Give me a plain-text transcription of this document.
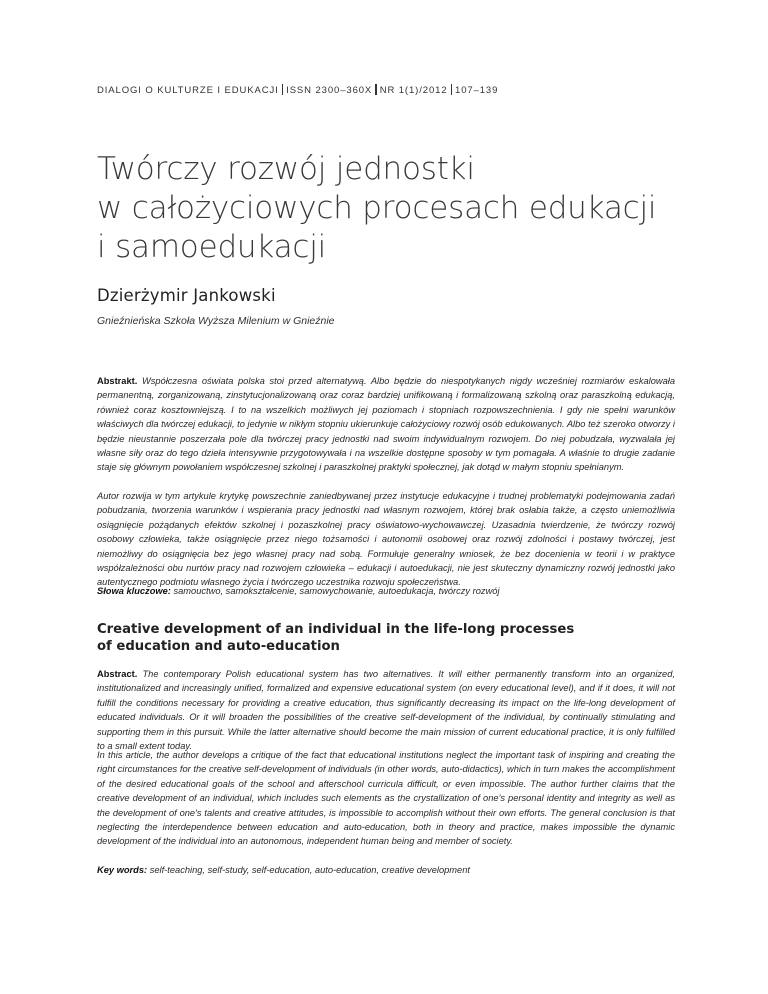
DIALOGI O KULTURZE I EDUKACJI ISSN 2300–360X NR 1(1)/2012 107–139
Twórczy rozwój jednostki
w całożyciowych procesach edukacji
i samoedukacji
Dzierżymir Jankowski
Gnieźnieńska Szkoła Wyższa Milenium w Gnieźnie
Abstrakt. Współczesna oświata polska stoi przed alternatywą. Albo będzie do niespotykanych nigdy wcześniej rozmiarów eskalowała permanentną, zorganizowaną, zinstytucjonalizowaną oraz coraz bardziej unifikowaną i formalizowaną szkolną oraz paraszkolną edukacją, również coraz kosztowniejszą. I to na wszelkich możliwych jej poziomach i stopniach rozpowszechnienia. I gdy nie spełni warunków właściwych dla twórczej edukacji, to jedynie w nikłym stopniu ukierunkuje całożyciowy rozwój osób edukowanych. Albo też szeroko otworzy i będzie nieustannie poszerzała pole dla twórczej pracy jednostki nad swoim indywidualnym rozwojem. Do niej pobudzała, wyzwalała jej własne siły oraz do tego dzieła intensywnie przygotowywała i na wszelkie dostępne sposoby w tym pomagała. A właśnie to drugie zadanie staje się głównym powołaniem współczesnej szkolnej i paraszkolnej praktyki społecznej, jak dotąd w małym stopniu spełnianym.
Autor rozwija w tym artykule krytykę powszechnie zaniedbywanej przez instytucje edukacyjne i trudnej problematyki podejmowania zadań pobudzania, tworzenia warunków i wspierania pracy jednostki nad własnym rozwojem, której brak osłabia także, a często uniemożliwia osiągnięcie pożądanych efektów szkolnej i pozaszkolnej pracy oświatowo-wychowawczej. Uzasadnia twierdzenie, że twórczy rozwój osobowy człowieka, także osiągnięcie przez niego tożsamości i autonomii osobowej oraz rozwój zdolności i postawy twórczej, jest niemożliwy do osiągnięcia bez jego własnej pracy nad sobą. Formułuje generalny wniosek, że bez docenienia w teorii i w praktyce współzależności obu nurtów pracy nad rozwojem człowieka – edukacji i autoedukacji, nie jest skuteczny dynamiczny rozwój jednostki jako autentycznego podmiotu własnego życia i twórczego uczestnika rozwoju społeczeństwa.
Słowa kluczowe: samouctwo, samokształcenie, samowychowanie, autoedukacja, twórczy rozwój
Creative development of an individual in the life-long processes
of education and auto-education
Abstract. The contemporary Polish educational system has two alternatives. It will either permanently transform into an organized, institutionalized and increasingly unified, formalized and expensive educational system (on every educational level), and if it does, it will not fulfill the conditions necessary for providing a creative education, thus significantly decreasing its impact on the life-long development of educated individuals. Or it will broaden the possibilities of the creative self-development of the individual, by continually stimulating and supporting them in this pursuit. While the latter alternative should become the main mission of current educational practice, it is only fulfilled to a small extent today.
In this article, the author develops a critique of the fact that educational institutions neglect the important task of inspiring and creating the right circumstances for the creative self-development of individuals (in other words, auto-didactics), which in turn makes the accomplishment of the desired educational goals of the school and afterschool curricula difficult, or even impossible. The author further claims that the creative development of an individual, which includes such elements as the crystallization of one's personal identity and integrity as well as the development of one's talents and creative attitudes, is impossible to accomplish without their own efforts. The general conclusion is that neglecting the interdependence between education and auto-education, both in theory and practice, makes impossible the dynamic development of the individual into an autonomous, independent human being and member of society.
Key words: self-teaching, self-study, self-education, auto-education, creative development
